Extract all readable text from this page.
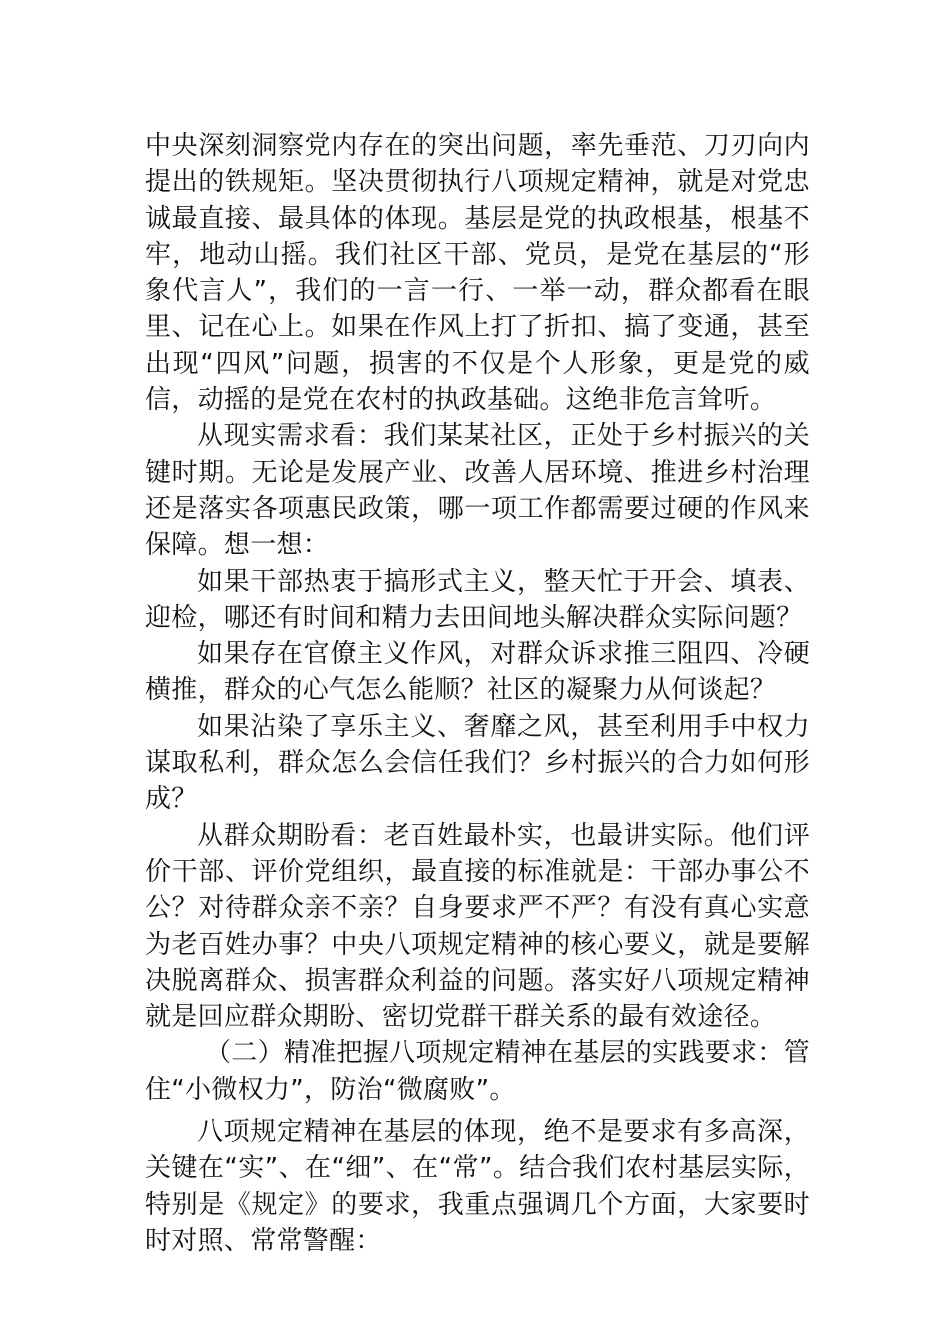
中央深刻洞察党内存在的突出问题，率先垂范、刀刃向内提出的铁规矩。坚决贯彻执行八项规定精神，就是对党忠诚最直接、最具体的体现。基层是党的执政根基，根基不牢，地动山摇。我们社区干部、党员，是党在基层的“形象代言人”，我们的一言一行、一举一动，群众都看在眼里、记在心上。如果在作风上打了折扣、搞了变通，甚至出现“四风”问题，损害的不仅是个人形象，更是党的威信，动摇的是党在农村的执政基础。这绝非危言耸听。

从现实需求看：我们某某社区，正处于乡村振兴的关键时期。无论是发展产业、改善人居环境、推进乡村治理还是落实各项惠民政策，哪一项工作都需要过硬的作风来保障。想一想：

如果干部热衷于搞形式主义，整天忙于开会、填表、迎检，哪还有时间和精力去田间地头解决群众实际问题？

如果存在官僚主义作风，对群众诉求推三阻四、冷硬横推，群众的心气怎么能顺？社区的凝聚力从何谈起？

如果沾染了享乐主义、奢靡之风，甚至利用手中权力谋取私利，群众怎么会信任我们？乡村振兴的合力如何形成？

从群众期盼看：老百姓最朴实，也最讲实际。他们评价干部、评价党组织，最直接的标准就是：干部办事公不公？对待群众亲不亲？自身要求严不严？有没有真心实意为老百姓办事？中央八项规定精神的核心要义，就是要解决脱离群众、损害群众利益的问题。落实好八项规定精神就是回应群众期盼、密切党群干群关系的最有效途径。

（二）精准把握八项规定精神在基层的实践要求：管住“小微权力”，防治“微腐败”。

八项规定精神在基层的体现，绝不是要求有多高深，关键在“实”、在“细”、在“常”。结合我们农村基层实际，特别是《规定》的要求，我重点强调几个方面，大家要时时对照、常常警醒：
